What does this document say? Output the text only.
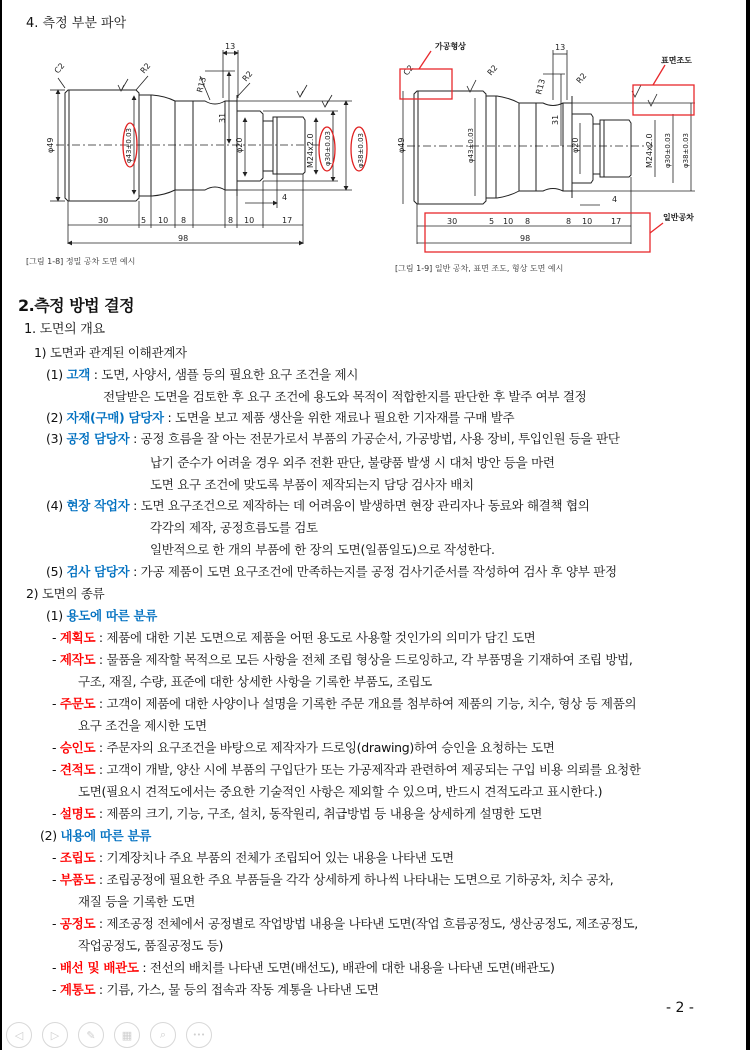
4. 측정 부분 파악
φ49	φ43±0.03	φ20	M24x2.0 φ30±0.03	φ38±0.03
C2	R2
R13	R2
13
31
4
30	5 10 8	8 10	17
98
[그림 1-8] 정밀 공차 도면 예시
φ49	φ43±0.03	φ20	M24x2.0 φ30±0.03 φ38±0.03
C2	R2
R13	R2
13
31
4
30	5 10 8	8 10 17
98
가공형상
표면조도
일반공차
[그림 1-9] 일반 공차, 표면 조도, 형상 도면 예시
2.측정 방법 결정
1. 도면의 개요
1) 도면과 관계된 이해관계자
(1) 고객 : 도면, 사양서, 샘플 등의 필요한 요구 조건을 제시
전달받은 도면을 검토한 후 요구 조건에 용도와 목적이 적합한지를 판단한 후 발주 여부 결정
(2) 자재(구매) 담당자 : 도면을 보고 제품 생산을 위한 재료나 필요한 기자재를 구매 발주
(3) 공정 담당자 : 공정 흐름을 잘 아는 전문가로서 부품의 가공순서, 가공방법, 사용 장비, 투입인원 등을 판단
납기 준수가 어려울 경우 외주 전환 판단, 불량품 발생 시 대처 방안 등을 마련
도면 요구 조건에 맞도록 부품이 제작되는지 담당 검사자 배치
(4) 현장 작업자 : 도면 요구조건으로 제작하는 데 어려움이 발생하면 현장 관리자나 동료와 해결책 협의
각각의 제작, 공정흐름도를 검토
일반적으로 한 개의 부품에 한 장의 도면(일품일도)으로 작성한다.
(5) 검사 담당자 : 가공 제품이 도면 요구조건에 만족하는지를 공정 검사기준서를 작성하여 검사 후 양부 판정
2) 도면의 종류
(1) 용도에 따른 분류
- 계획도 : 제품에 대한 기본 도면으로 제품을 어떤 용도로 사용할 것인가의 의미가 담긴 도면
- 제작도 : 물품을 제작할 목적으로 모든 사항을 전체 조립 형상을 드로잉하고, 각 부품명을 기재하여 조립 방법,
구조, 재질, 수량, 표준에 대한 상세한 사항을 기록한 부품도, 조립도
- 주문도 : 고객이 제품에 대한 사양이나 설명을 기록한 주문 개요를 첨부하여 제품의 기능, 치수, 형상 등 제품의
요구 조건을 제시한 도면
- 승인도 : 주문자의 요구조건을 바탕으로 제작자가 드로잉(drawing)하여 승인을 요청하는 도면
- 견적도 : 고객이 개발, 양산 시에 부품의 구입단가 또는 가공제작과 관련하여 제공되는 구입 비용 의뢰를 요청한
도면(필요시 견적도에서는 중요한 기술적인 사항은 제외할 수 있으며, 반드시 견적도라고 표시한다.)
- 설명도 : 제품의 크기, 기능, 구조, 설치, 동작원리, 취급방법 등 내용을 상세하게 설명한 도면
(2) 내용에 따른 분류
- 조립도 : 기계장치나 주요 부품의 전체가 조립되어 있는 내용을 나타낸 도면
- 부품도 : 조립공정에 필요한 주요 부품들을 각각 상세하게 하나씩 나타내는 도면으로 기하공차, 치수 공차,
재질 등을 기록한 도면
- 공정도 : 제조공정 전체에서 공정별로 작업방법 내용을 나타낸 도면(작업 흐름공정도, 생산공정도, 제조공정도,
작업공정도, 품질공정도 등)
- 배선 및 배관도 : 전선의 배치를 나타낸 도면(배선도), 배관에 대한 내용을 나타낸 도면(배관도)
- 계통도 : 기름, 가스, 물 등의 접속과 작동 계통을 나타낸 도면
- 2 -
◁	▷ ✎ ▦	⌕	•••
